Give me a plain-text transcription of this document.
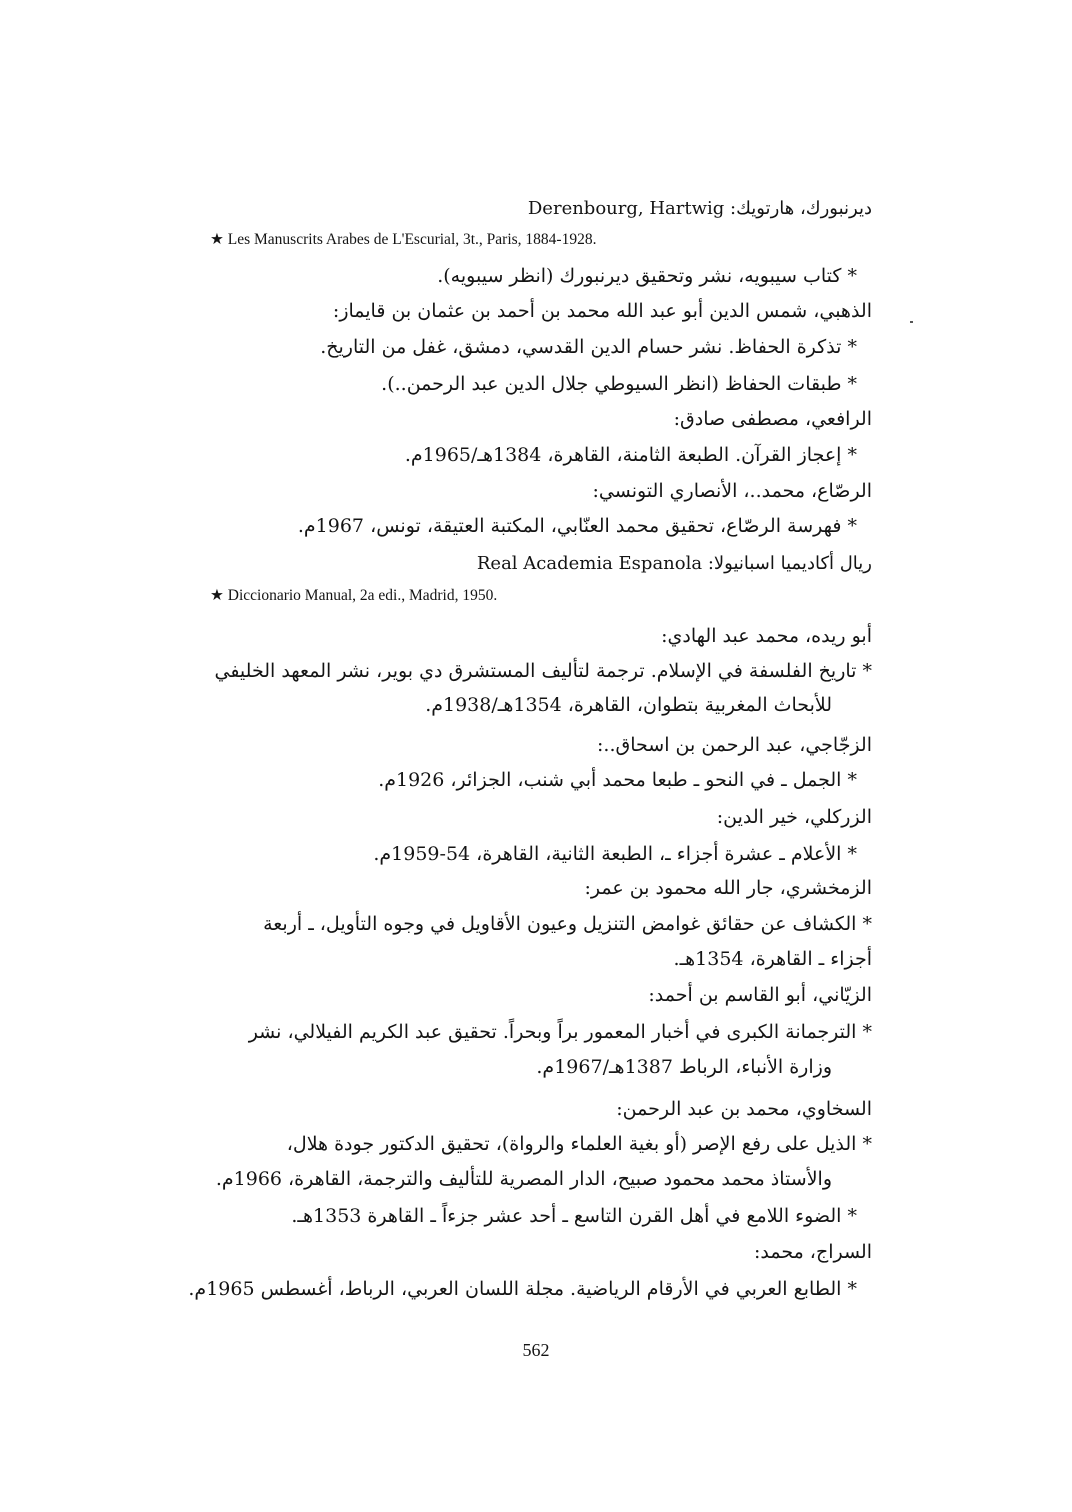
ديرنبورك، هارتويك: Derenbourg, Hartwig

★ Les Manuscrits Arabes de L'Escurial, 3t., Paris, 1884-1928.

* كتاب سيبويه، نشر وتحقيق ديرنبورك (انظر سيبويه).

الذهبي، شمس الدين أبو عبد الله محمد بن أحمد بن عثمان بن قايماز:

* تذكرة الحفاظ. نشر حسام الدين القدسي، دمشق، غفل من التاريخ.

* طبقات الحفاظ (انظر السيوطي جلال الدين عبد الرحمن..).

الرافعي، مصطفى صادق:

* إعجاز القرآن. الطبعة الثامنة، القاهرة، 1384هـ/1965م.

الرصّاع، محمد..، الأنصاري التونسي:

* فهرسة الرصّاع، تحقيق محمد العنّابي، المكتبة العتيقة، تونس، 1967م.

ريال أكاديميا اسبانيولا: Real Academia Espanola

★ Diccionario Manual, 2a edi., Madrid, 1950.

أبو ريده، محمد عبد الهادي:

* تاريخ الفلسفة في الإسلام. ترجمة لتأليف المستشرق دي بوير، نشر المعهد الخليفي

للأبحاث المغربية بتطوان، القاهرة، 1354هـ/1938م.

الزجّاجي، عبد الرحمن بن اسحاق..:

* الجمل ـ في النحو ـ طبعا محمد أبي شنب، الجزائر، 1926م.

الزركلي، خير الدين:

* الأعلام ـ عشرة أجزاء ـ، الطبعة الثانية، القاهرة، 54-1959م.

الزمخشري، جار الله محمود بن عمر:

* الكشاف عن حقائق غوامض التنزيل وعيون الأقاويل في وجوه التأويل، ـ أربعة

أجزاء ـ القاهرة، 1354هـ.

الزيّاني، أبو القاسم بن أحمد:

* الترجمانة الكبرى في أخبار المعمور براً وبحراً. تحقيق عبد الكريم الفيلالي، نشر

وزارة الأنباء، الرباط 1387هـ/1967م.

السخاوي، محمد بن عبد الرحمن:

* الذيل على رفع الإصر (أو بغية العلماء والرواة)، تحقيق الدكتور جودة هلال،

والأستاذ محمد محمود صبيح، الدار المصرية للتأليف والترجمة، القاهرة، 1966م.

* الضوء اللامع في أهل القرن التاسع ـ أحد عشر جزءاً ـ القاهرة 1353هـ.

السراج، محمد:

* الطابع العربي في الأرقام الرياضية. مجلة اللسان العربي، الرباط، أغسطس 1965م.

562
